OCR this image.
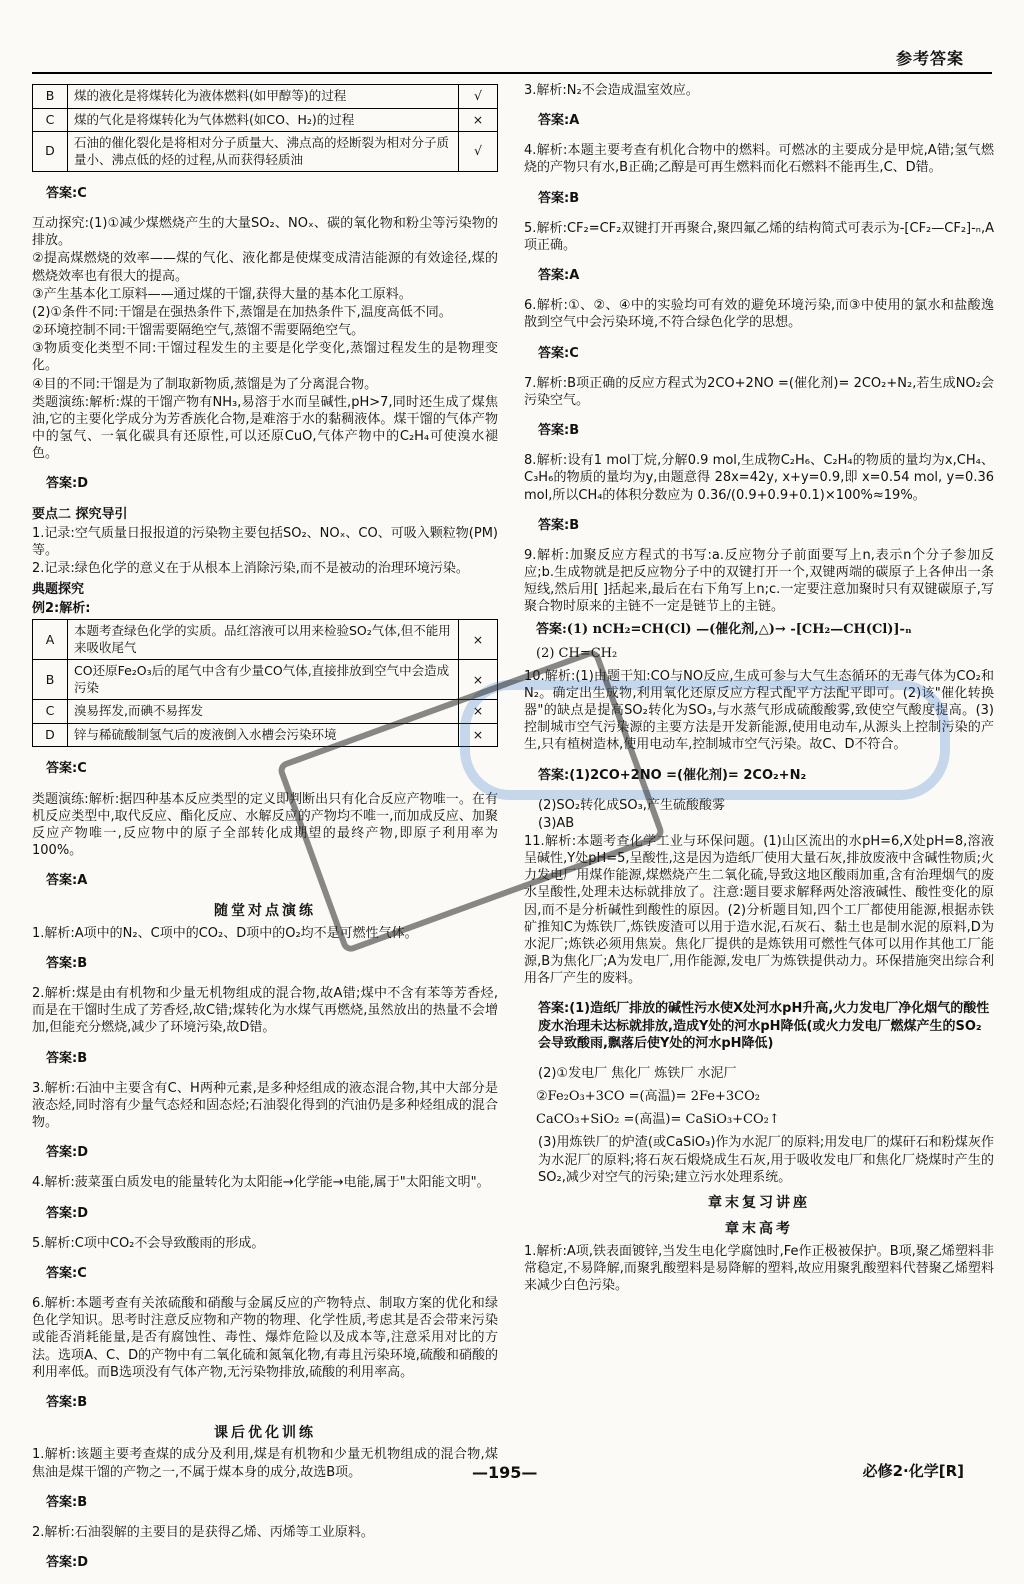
参考答案
B	煤的液化是将煤转化为液体燃料(如甲醇等)的过程	√
C	煤的气化是将煤转化为气体燃料(如CO、H₂)的过程	×
D	石油的催化裂化是将相对分子质量大、沸点高的烃断裂为相对分子质量小、沸点低的烃的过程,从而获得轻质油	√

答案:C

互动探究:(1)①减少煤燃烧产生的大量SO₂、NOₓ、碳的氧化物和粉尘等污染物的排放。

②提高煤燃烧的效率——煤的气化、液化都是使煤变成清洁能源的有效途径,煤的燃烧效率也有很大的提高。

③产生基本化工原料——通过煤的干馏,获得大量的基本化工原料。

(2)①条件不同:干馏是在强热条件下,蒸馏是在加热条件下,温度高低不同。

②环境控制不同:干馏需要隔绝空气,蒸馏不需要隔绝空气。

③物质变化类型不同:干馏过程发生的主要是化学变化,蒸馏过程发生的是物理变化。

④目的不同:干馏是为了制取新物质,蒸馏是为了分离混合物。

类题演练:解析:煤的干馏产物有NH₃,易溶于水而呈碱性,pH>7,同时还生成了煤焦油,它的主要化学成分为芳香族化合物,是难溶于水的黏稠液体。煤干馏的气体产物中的氢气、一氧化碳具有还原性,可以还原CuO,气体产物中的C₂H₄可使溴水褪色。

答案:D

要点二 探究导引

1.记录:空气质量日报报道的污染物主要包括SO₂、NOₓ、CO、可吸入颗粒物(PM)等。

2.记录:绿色化学的意义在于从根本上消除污染,而不是被动的治理环境污染。

典题探究

例2:解析:

A	本题考查绿色化学的实质。品红溶液可以用来检验SO₂气体,但不能用来吸收尾气	×
B	CO还原Fe₂O₃后的尾气中含有少量CO气体,直接排放到空气中会造成污染	×
C	溴易挥发,而碘不易挥发	×
D	锌与稀硫酸制氢气后的废液倒入水槽会污染环境	×

答案:C

类题演练:解析:据四种基本反应类型的定义即判断出只有化合反应产物唯一。在有机反应类型中,取代反应、酯化反应、水解反应的产物均不唯一,而加成反应、加聚反应产物唯一,反应物中的原子全部转化成期望的最终产物,即原子利用率为100%。

答案:A

随堂对点演练

1.解析:A项中的N₂、C项中的CO₂、D项中的O₂均不是可燃性气体。

答案:B

2.解析:煤是由有机物和少量无机物组成的混合物,故A错;煤中不含有苯等芳香烃,而是在干馏时生成了芳香烃,故C错;煤转化为水煤气再燃烧,虽然放出的热量不会增加,但能充分燃烧,减少了环境污染,故D错。

答案:B

3.解析:石油中主要含有C、H两种元素,是多种烃组成的液态混合物,其中大部分是液态烃,同时溶有少量气态烃和固态烃;石油裂化得到的汽油仍是多种烃组成的混合物。

答案:D

4.解析:菠菜蛋白质发电的能量转化为太阳能→化学能→电能,属于"太阳能文明"。

答案:D

5.解析:C项中CO₂不会导致酸雨的形成。

答案:C

6.解析:本题考查有关浓硫酸和硝酸与金属反应的产物特点、制取方案的优化和绿色化学知识。思考时注意反应物和产物的物理、化学性质,考虑其是否会带来污染或能否消耗能量,是否有腐蚀性、毒性、爆炸危险以及成本等,注意采用对比的方法。选项A、C、D的产物中有二氧化硫和氮氧化物,有毒且污染环境,硫酸和硝酸的利用率低。而B选项没有气体产物,无污染物排放,硫酸的利用率高。

答案:B

课后优化训练

1.解析:该题主要考查煤的成分及利用,煤是有机物和少量无机物组成的混合物,煤焦油是煤干馏的产物之一,不属于煤本身的成分,故选B项。

答案:B

2.解析:石油裂解的主要目的是获得乙烯、丙烯等工业原料。

答案:D

3.解析:N₂不会造成温室效应。

答案:A

4.解析:本题主要考查有机化合物中的燃料。可燃冰的主要成分是甲烷,A错;氢气燃烧的产物只有水,B正确;乙醇是可再生燃料而化石燃料不能再生,C、D错。

答案:B

5.解析:CF₂=CF₂双键打开再聚合,聚四氟乙烯的结构简式可表示为-[CF₂—CF₂]-ₙ,A项正确。

答案:A

6.解析:①、②、④中的实验均可有效的避免环境污染,而③中使用的氯水和盐酸逸散到空气中会污染环境,不符合绿色化学的思想。

答案:C

7.解析:B项正确的反应方程式为2CO+2NO =(催化剂)= 2CO₂+N₂,若生成NO₂会污染空气。

答案:B

8.解析:设有1 mol丁烷,分解0.9 mol,生成物C₂H₆、C₂H₄的物质的量均为x,CH₄、C₃H₆的物质的量均为y,由题意得 28x=42y, x+y=0.9,即 x=0.54 mol, y=0.36 mol,所以CH₄的体积分数应为 0.36/(0.9+0.9+0.1)×100%≈19%。

答案:B

9.解析:加聚反应方程式的书写:a.反应物分子前面要写上n,表示n个分子参加反应;b.生成物就是把反应物分子中的双键打开一个,双键两端的碳原子上各伸出一条短线,然后用[ ]括起来,最后在右下角写上n;c.一定要注意加聚时只有双键碳原子,写聚合物时原来的主链不一定是链节上的主链。

答案:(1) nCH₂=CH(Cl) —(催化剂,△)→ -[CH₂—CH(Cl)]-ₙ

(2) CH=CH₂

10.解析:(1)由题干知:CO与NO反应,生成可参与大气生态循环的无毒气体为CO₂和N₂。确定出生成物,利用氧化还原反应方程式配平方法配平即可。(2)该"催化转换器"的缺点是提高SO₂转化为SO₃,与水蒸气形成硫酸酸雾,致使空气酸度提高。(3)控制城市空气污染源的主要方法是开发新能源,使用电动车,从源头上控制污染的产生,只有植树造林,使用电动车,控制城市空气污染。故C、D不符合。

答案:(1)2CO+2NO =(催化剂)= 2CO₂+N₂

(2)SO₂转化成SO₃,产生硫酸酸雾

(3)AB

11.解析:本题考查化学工业与环保问题。(1)山区流出的水pH=6,X处pH=8,溶液呈碱性,Y处pH=5,呈酸性,这是因为造纸厂使用大量石灰,排放废液中含碱性物质;火力发电厂用煤作能源,煤燃烧产生二氧化硫,导致这地区酸雨加重,含有治理烟气的废水呈酸性,处理未达标就排放了。注意:题目要求解释两处溶液碱性、酸性变化的原因,而不是分析碱性到酸性的原因。(2)分析题目知,四个工厂都使用能源,根据赤铁矿推知C为炼铁厂,炼铁废渣可以用于造水泥,石灰石、黏土也是制水泥的原料,D为水泥厂;炼铁必须用焦炭。焦化厂提供的是炼铁用可燃性气体可以用作其他工厂能源,B为焦化厂;A为发电厂,用作能源,发电厂为炼铁提供动力。环保措施突出综合利用各厂产生的废料。

答案:(1)造纸厂排放的碱性污水使X处河水pH升高,火力发电厂净化烟气的酸性废水治理未达标就排放,造成Y处的河水pH降低(或火力发电厂燃煤产生的SO₂会导致酸雨,飘落后使Y处的河水pH降低)

(2)①发电厂 焦化厂 炼铁厂 水泥厂

②Fe₂O₃+3CO =(高温)= 2Fe+3CO₂

CaCO₃+SiO₂ =(高温)= CaSiO₃+CO₂↑

(3)用炼铁厂的炉渣(或CaSiO₃)作为水泥厂的原料;用发电厂的煤矸石和粉煤灰作为水泥厂的原料;将石灰石煅烧成生石灰,用于吸收发电厂和焦化厂烧煤时产生的SO₂,减少对空气的污染;建立污水处理系统。

章末复习讲座

章末高考

1.解析:A项,铁表面镀锌,当发生电化学腐蚀时,Fe作正极被保护。B项,聚乙烯塑料非常稳定,不易降解,而聚乳酸塑料是易降解的塑料,故应用聚乳酸塑料代替聚乙烯塑料来减少白色污染。

—195—	必修2·化学[R]
